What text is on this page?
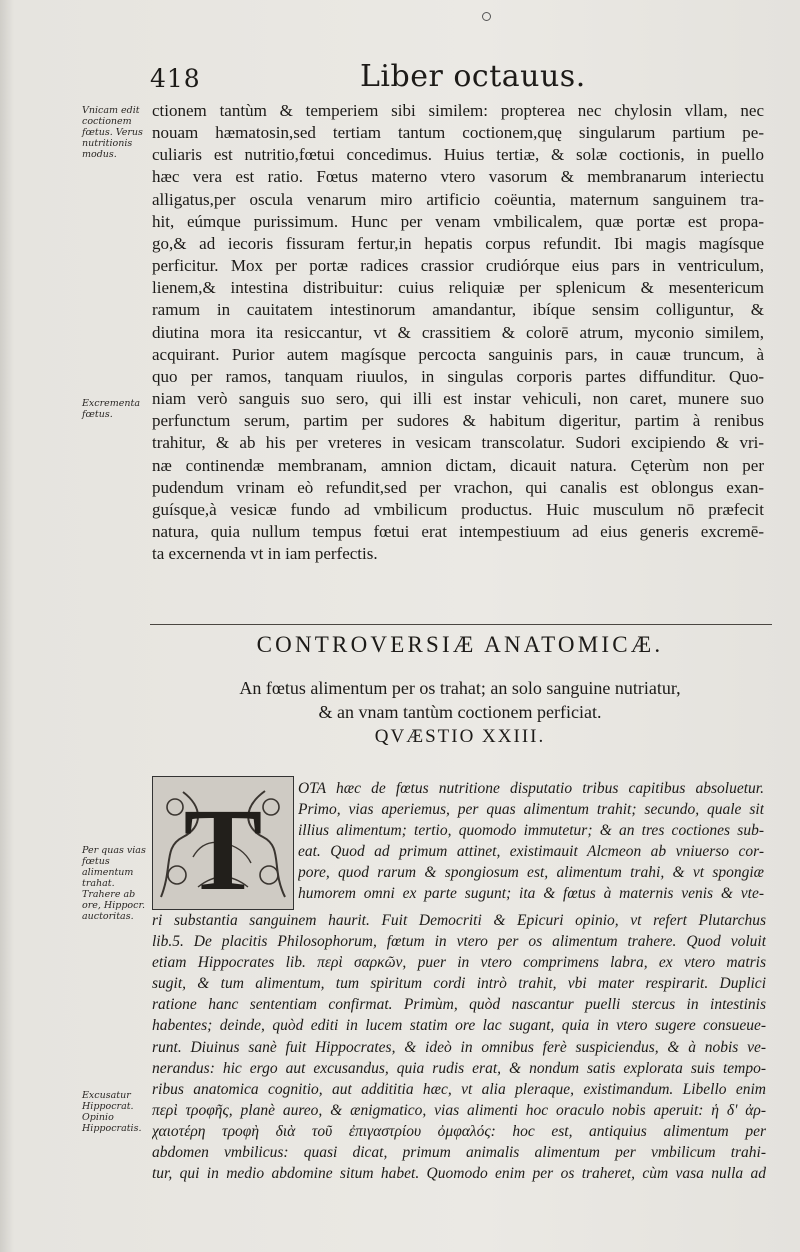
418	Liber octauus.
Vnicam edit coctionem fœtus. Verus nutritionis modus.
Excrementa fœtus.
Per quas vias fœtus alimentum trahat. Trahere ab ore, Hippocr. auctoritas.
Excusatur Hippocrat. Opinio Hippocratis.
ctionem tantùm & temperiem sibi similem: propterea nec chylosin vllam, nec
nouam hæmatosin,sed tertiam tantum coctionem,quę singularum partium pe-
culiaris est nutritio,fœtui concedimus. Huius tertiæ, & solæ coctionis, in puello
hæc vera est ratio. Fœtus materno vtero vasorum & membranarum interiectu
alligatus,per oscula venarum miro artificio coëuntia, maternum sanguinem tra-
hit, eúmque purissimum. Hunc per venam vmbilicalem, quæ portæ est propa-
go,& ad iecoris fissuram fertur,in hepatis corpus refundit. Ibi magis magísque
perficitur. Mox per portæ radices crassior crudiórque eius pars in ventriculum,
lienem,& intestina distribuitur: cuius reliquiæ per splenicum & mesentericum
ramum in cauitatem intestinorum amandantur, ibíque sensim colliguntur, &
diutina mora ita resiccantur, vt & crassitiem & colorē atrum, myconio similem,
acquirant. Purior autem magísque percocta sanguinis pars, in cauæ truncum, à
quo per ramos, tanquam riuulos, in singulas corporis partes diffunditur. Quo-
niam verò sanguis suo sero, qui illi est instar vehiculi, non caret, munere suo
perfunctum serum, partim per sudores & habitum digeritur, partim à renibus
trahitur, & ab his per vreteres in vesicam transcolatur. Sudori excipiendo & vri-
næ continendæ membranam, amnion dictam, dicauit natura. Cęterùm non per
pudendum vrinam eò refundit,sed per vrachon, qui canalis est oblongus exan-
guísque,à vesicæ fundo ad vmbilicum productus. Huic musculum nō præfecit
natura, quia nullum tempus fœtui erat intempestiuum ad eius generis excremē-
ta excernenda vt in iam perfectis.
CONTROVERSIÆ ANATOMICÆ.
An fœtus alimentum per os trahat; an solo sanguine nutriatur,
& an vnam tantùm coctionem perficiat.
QVÆSTIO XXIII.
T OTA hæc de fœtus nutritione disputatio tribus capitibus absoluetur.
Primo, vias aperiemus, per quas alimentum trahit; secundo, quale sit
illius alimentum; tertio, quomodo immutetur; & an tres coctiones sub-
eat. Quod ad primum attinet, existimauit Alcmeon ab vniuerso cor-
pore, quod rarum & spongiosum est, alimentum trahi, & vt spongiæ
humorem omni ex parte sugunt; ita & fœtus à maternis venis & vte-
ri substantia sanguinem haurit. Fuit Democriti & Epicuri opinio, vt refert Plutarchus
lib.5. De placitis Philosophorum, fœtum in vtero per os alimentum trahere. Quod voluit
etiam Hippocrates lib. περὶ σαρκῶν, puer in vtero comprimens labra, ex vtero matris
sugit, & tum alimentum, tum spiritum cordi intrò trahit, vbi mater respirarit. Duplici
ratione hanc sententiam confirmat. Primùm, quòd nascantur puelli stercus in intestinis
habentes; deinde, quòd editi in lucem statim ore lac sugant, quia in vtero sugere consueue-
runt. Diuinus sanè fuit Hippocrates, & ideò in omnibus ferè suspiciendus, & à nobis ve-
nerandus: hic ergo aut excusandus, quia rudis erat, & nondum satis explorata suis tempo-
ribus anatomica cognitio, aut addititia hæc, vt alia pleraque, existimandum. Libello enim
περὶ τροφῆς, planè aureo, & ænigmatico, vias alimenti hoc oraculo nobis aperuit: ἡ δ' ἀρ-
χαιοτέρη τροφὴ διὰ τοῦ ἐπιγαστρίου ὀμφαλός: hoc est, antiquius alimentum per
abdomen vmbilicus: quasi dicat, primum animalis alimentum per vmbilicum trahi-
tur, qui in medio abdomine situm habet. Quomodo enim per os traheret, cùm vasa nulla ad
